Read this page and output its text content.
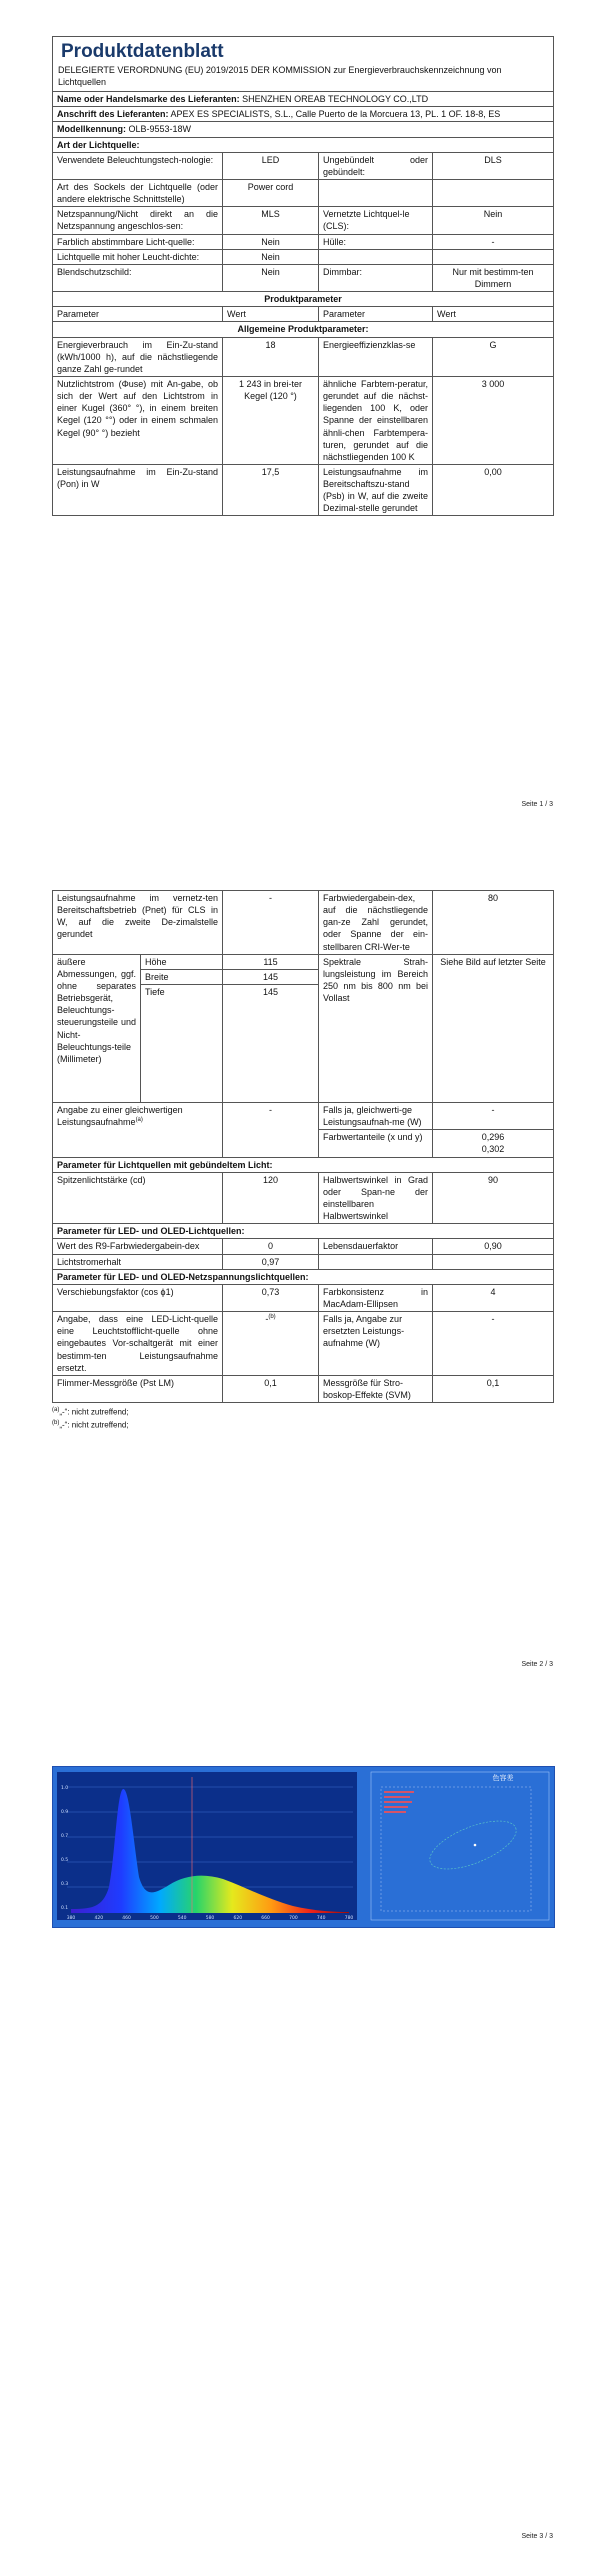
Produktdatenblatt
DELEGIERTE VERORDNUNG (EU) 2019/2015 DER KOMMISSION zur Energieverbrauchskennzeichnung von Lichtquellen			

Name oder Handelsmarke des Lieferanten: SHENZHEN OREAB TECHNOLOGY CO.,LTD			
Anschrift des Lieferanten: APEX ES SPECIALISTS, S.L., Calle Puerto de la Morcuera 13, PL. 1 OF. 18-8, ES			
Modellkennung: OLB-9553-18W			
Art der Lichtquelle:			
Verwendete Beleuchtungstech-nologie:	LED	Ungebündelt oder gebündelt:	DLS
Art des Sockels der Lichtquelle (oder andere elektrische Schnittstelle)	Power cord		
Netzspannung/Nicht direkt an die Netzspannung angeschlos-sen:	MLS	Vernetzte Lichtquel-le (CLS):	Nein
Farblich abstimmbare Licht-quelle:	Nein	Hülle:	-
Lichtquelle mit hoher Leucht-dichte:	Nein		
Blendschutzschild:	Nein	Dimmbar:	Nur mit bestimm-ten Dimmern
Produktparameter			
Parameter	Wert	Parameter	Wert
Allgemeine Produktparameter:			
Energieverbrauch im Ein-Zu-stand (kWh/1000 h), auf die nächstliegende ganze Zahl ge-rundet	18	Energieeffizienzklas-se	G
Nutzlichtstrom (Φuse) mit An-gabe, ob sich der Wert auf den Lichtstrom in einer Kugel (360° °), in einem breiten Kegel (120 °°) oder in einem schmalen Kegel (90° °) bezieht	1 243 in brei-ter Kegel (120 °)	ähnliche Farbtem-peratur, gerundet auf die nächst-liegenden 100 K, oder Spanne der einstellbaren ähnli-chen Farbtempera-turen, gerundet auf die nächstliegenden 100 K	3 000
Leistungsaufnahme im Ein-Zu-stand (Pon) in W	17,5	Leistungsaufnahme im Bereitschaftszu-stand (Psb) in W, auf die zweite Dezimal-stelle gerundet	0,00
Seite 1 / 3
Leistungsaufnahme im vernetz-ten Bereitschaftsbetrieb (Pnet) für CLS in W, auf die zweite De-zimalstelle gerundet		-	Farbwiedergabein-dex, auf die nächstliegende gan-ze Zahl gerundet, oder Spanne der ein-stellbaren CRI-Wer-te	80
äußere Abmessungen, ggf. ohne separates Betriebsgerät, Beleuchtungs-steuerungsteile und Nicht-Beleuchtungs-teile (Millimeter)	Höhe	115	Spektrale Strah-lungsleistung im Bereich 250 nm bis 800 nm bei Vollast	Siehe Bild auf letzter Seite
	Breite	145		
	Tiefe	145		
Angabe zu einer gleichwertigen Leistungsaufnahme$^{(a)}$		-	Falls ja, gleichwerti-ge Leistungsaufnah-me (W)	-
			Farbwertanteile (x und y)	0,296
0,302

Parameter für Lichtquellen mit gebündeltem Licht:				
Spitzenlichtstärke (cd)		120	Halbwertswinkel in Grad oder Span-ne der einstellbaren Halbwertswinkel	90
Parameter für LED- und OLED-Lichtquellen:				
Wert des R9-Farbwiedergabein-dex		0	Lebensdauerfaktor	0,90
Lichtstromerhalt		0,97		
Parameter für LED- und OLED-Netzspannungslichtquellen:				
Verschiebungsfaktor (cos ϕ1)		0,73	Farbkonsistenz in MacAdam-Ellipsen	4
Angabe, dass eine LED-Licht-quelle eine Leuchtstofflicht-quelle ohne eingebautes Vor-schaltgerät mit einer bestimm-ten Leistungsaufnahme ersetzt.		-$^{(b)}$	Falls ja, Angabe zur ersetzten Leistungs-aufnahme (W)	-
Flimmer-Messgröße (Pst LM)		0,1	Messgröße für Stro-boskop-Effekte (SVM)	0,1
$^{(a)}$„-“: nicht zutreffend;
$^{(b)}$„-“: nicht zutreffend;
Seite 2 / 3
1.0
0.9
0.7
0.5
0.3
0.1
380	420	460	500	540	580	620	660	700	740	780
色容差
Seite 3 / 3
